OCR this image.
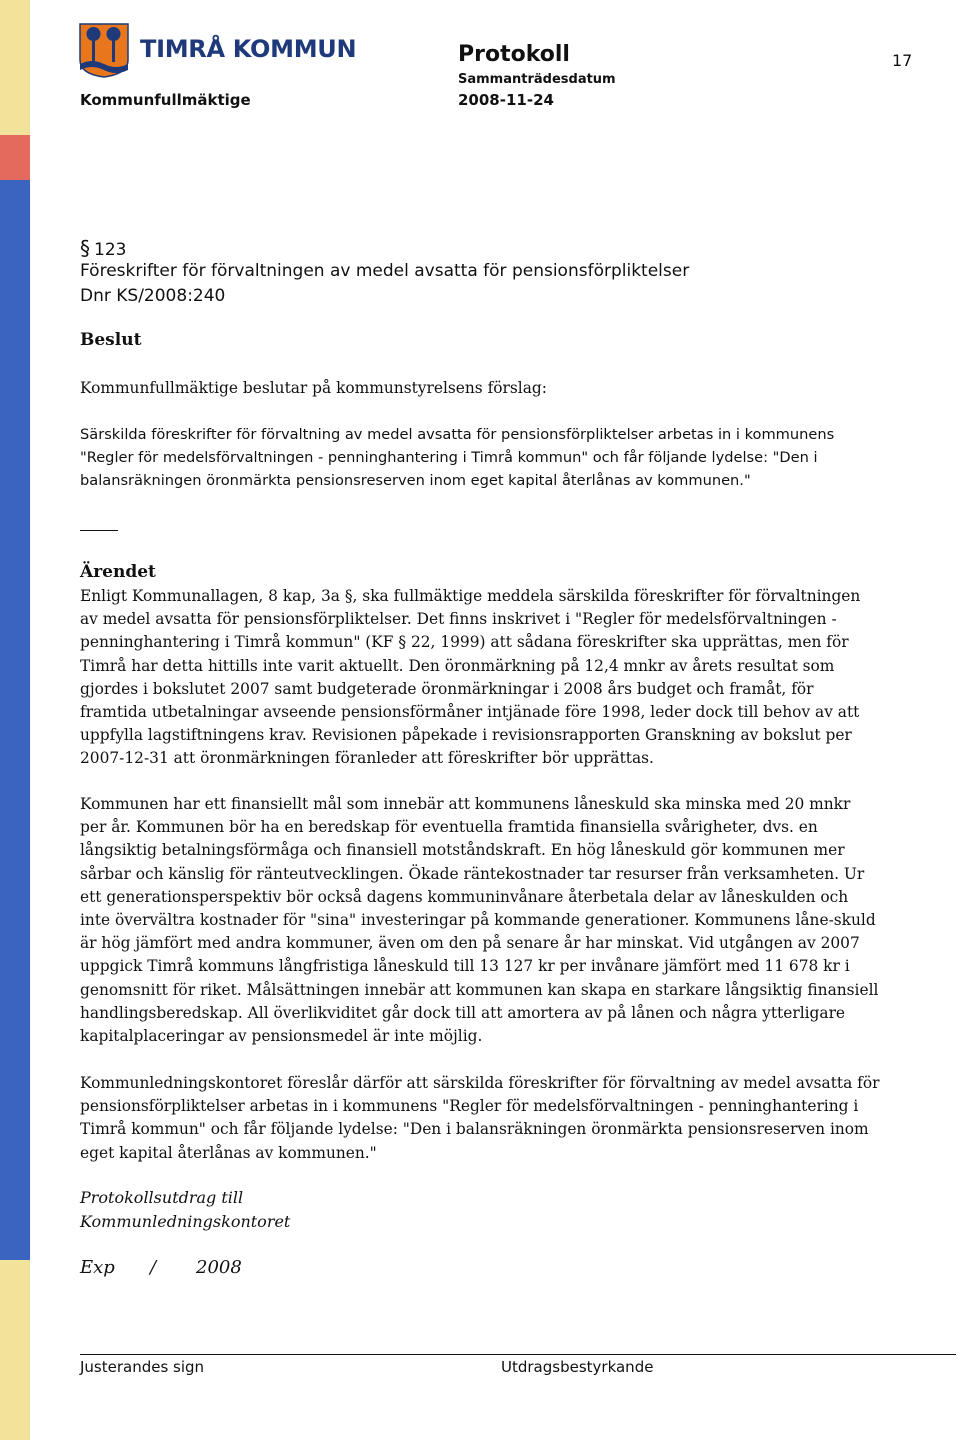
TIMRÅ KOMMUN	Protokoll
Sammanträdesdatum
2008-11-24
Kommunfullmäktige
17
§ 123
Föreskrifter för förvaltningen av medel avsatta för pensionsförpliktelser
Dnr KS/2008:240
Beslut
Kommunfullmäktige beslutar på kommunstyrelsens förslag:
Särskilda föreskrifter för förvaltning av medel avsatta för pensionsförpliktelser arbetas in i kommunens "Regler för medelsförvaltningen - penninghantering i Timrå kommun" och får följande lydelse: "Den i balansräkningen öronmärkta pensionsreserven inom eget kapital återlånas av kommunen."
Ärendet
Enligt Kommunallagen, 8 kap, 3a §, ska fullmäktige meddela särskilda föreskrifter för förvaltningen av medel avsatta för pensionsförpliktelser. Det finns inskrivet i "Regler för medelsförvaltningen - penninghantering i Timrå kommun" (KF § 22, 1999) att sådana föreskrifter ska upprättas, men för Timrå har detta hittills inte varit aktuellt. Den öronmärkning på 12,4 mnkr av årets resultat som gjordes i bokslutet 2007 samt budgeterade öronmärkningar i 2008 års budget och framåt, för framtida utbetalningar avseende pensionsförmåner intjänade före 1998, leder dock till behov av att uppfylla lagstiftningens krav. Revisionen påpekade i revisionsrapporten Granskning av bokslut per 2007-12-31 att öronmärkningen föranleder att föreskrifter bör upprättas.
Kommunen har ett finansiellt mål som innebär att kommunens låneskuld ska minska med 20 mnkr per år. Kommunen bör ha en beredskap för eventuella framtida finansiella svårigheter, dvs. en långsiktig betalningsförmåga och finansiell motståndskraft. En hög låneskuld gör kommunen mer sårbar och känslig för ränteutvecklingen. Ökade räntekostnader tar resurser från verksamheten. Ur ett generationsperspektiv bör också dagens kommuninvånare återbetala delar av låneskulden och inte övervältra kostnader för "sina" investeringar på kommande generationer. Kommunens låne-skuld är hög jämfört med andra kommuner, även om den på senare år har minskat. Vid utgången av 2007 uppgick Timrå kommuns långfristiga låneskuld till 13 127 kr per invånare jämfört med 11 678 kr i genomsnitt för riket. Målsättningen innebär att kommunen kan skapa en starkare långsiktig finansiell handlingsberedskap. All överlikviditet går dock till att amortera av på lånen och några ytterligare kapitalplaceringar av pensionsmedel är inte möjlig.
Kommunledningskontoret föreslår därför att särskilda föreskrifter för förvaltning av medel avsatta för pensionsförpliktelser arbetas in i kommunens "Regler för medelsförvaltningen - penninghantering i Timrå kommun" och får följande lydelse: "Den i balansräkningen öronmärkta pensionsreserven inom eget kapital återlånas av kommunen."
Protokollsutdrag till
Kommunledningskontoret
Exp / 2008
Justerandes sign	Utdragsbestyrkande
